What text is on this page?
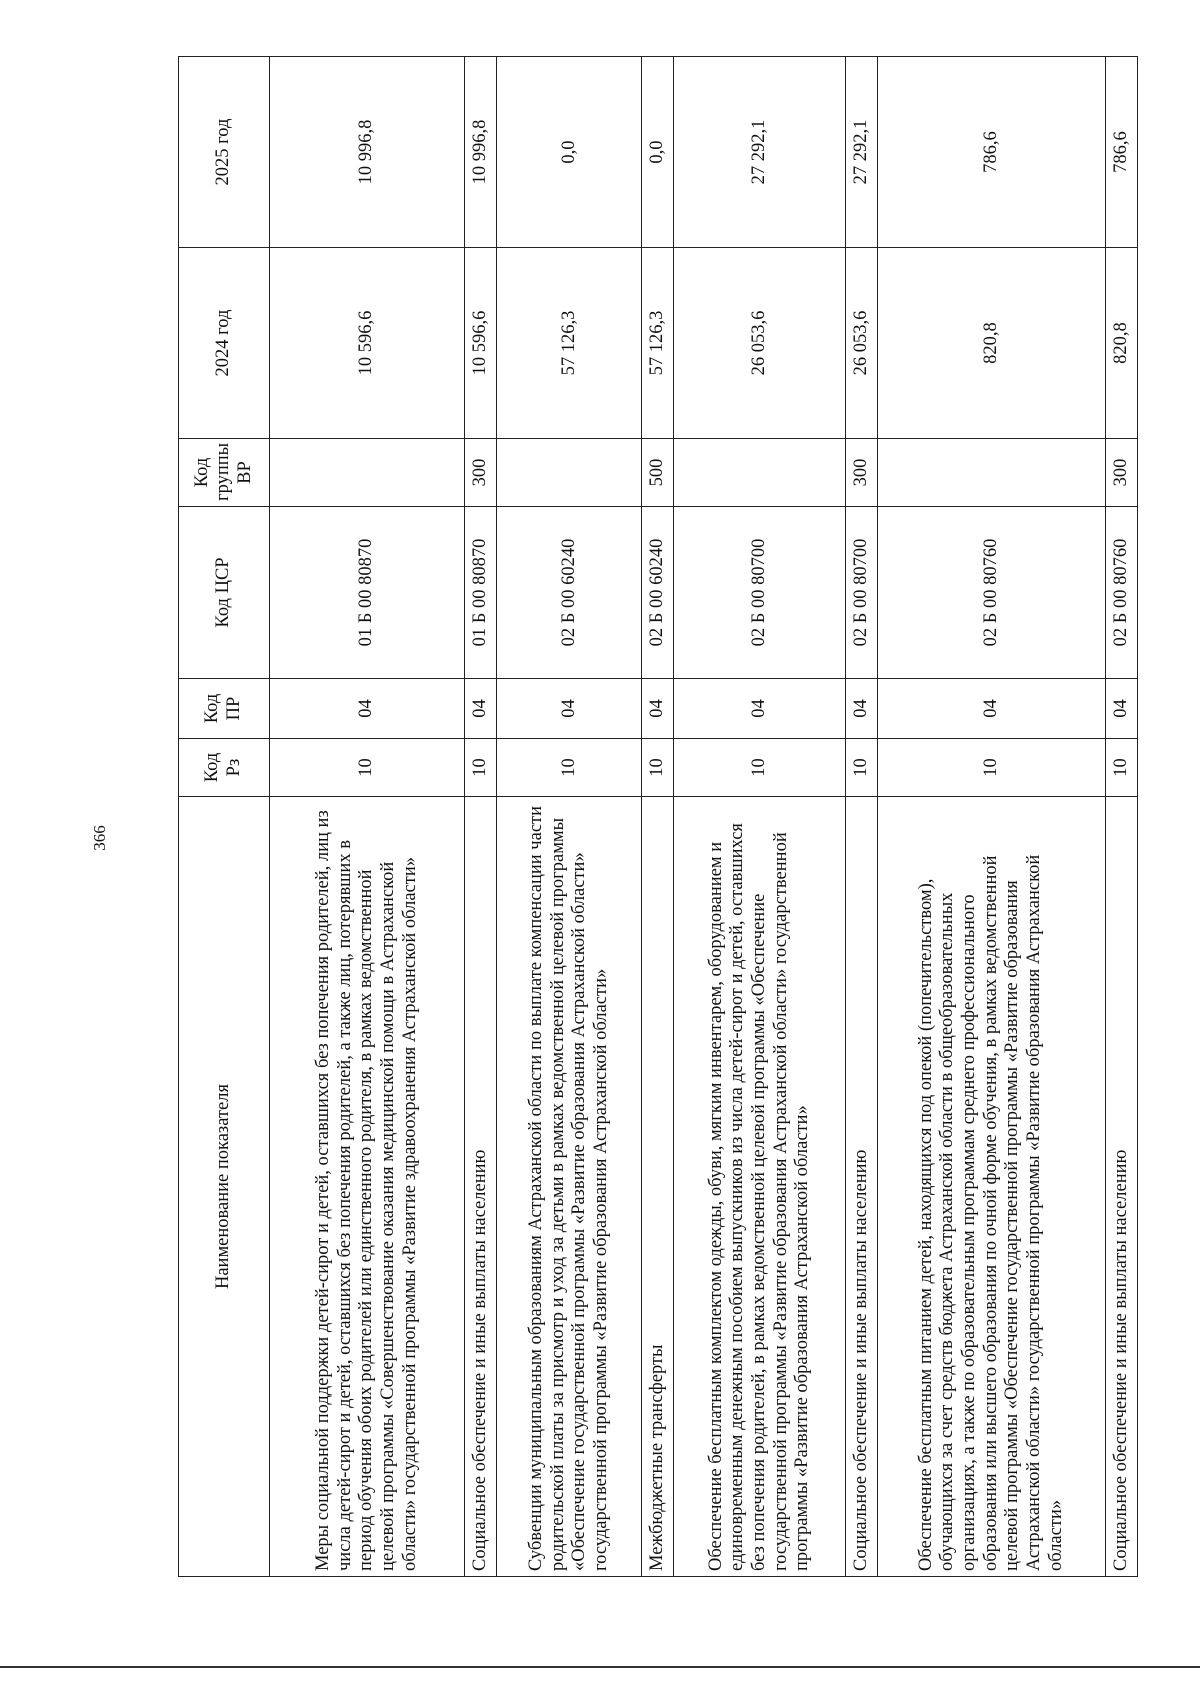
366
Наименование показателя	Код Рз	Код ПР	Код ЦСР	Код группы ВР	2024 год	2025 год
Меры социальной поддержки детей-сирот и детей, оставшихся без попечения родителей, лиц из числа детей-сирот и детей, оставшихся без попечения родителей, а также лиц, потерявших в период обучения обоих родителей или единственного родителя, в рамках ведомственной целевой программы «Совершенствование оказания медицинской помощи в Астраханской области» государственной программы «Развитие здравоохранения Астраханской области»	10	04	01 Б 00 80870		10 596,6	10 996,8
Социальное обеспечение и иные выплаты населению	10	04	01 Б 00 80870	300	10 596,6	10 996,8
Субвенции муниципальным образованиям Астраханской области по выплате компенсации части родительской платы за присмотр и уход за детьми в рамках ведомственной целевой программы «Обеспечение государственной программы «Развитие образования Астраханской области» государственной программы «Развитие образования Астраханской области»	10	04	02 Б 00 60240		57 126,3	0,0
Межбюджетные трансферты	10	04	02 Б 00 60240	500	57 126,3	0,0
Обеспечение бесплатным комплектом одежды, обуви, мягким инвентарем, оборудованием и единовременным денежным пособием выпускников из числа детей-сирот и детей, оставшихся без попечения родителей, в рамках ведомственной целевой программы «Обеспечение государственной программы «Развитие образования Астраханской области» государственной программы «Развитие образования Астраханской области»	10	04	02 Б 00 80700		26 053,6	27 292,1
Социальное обеспечение и иные выплаты населению	10	04	02 Б 00 80700	300	26 053,6	27 292,1
Обеспечение бесплатным питанием детей, находящихся под опекой (попечительством), обучающихся за счет средств бюджета Астраханской области в общеобразовательных организациях, а также по образовательным программам среднего профессионального образования или высшего образования по очной форме обучения, в рамках ведомственной целевой программы «Обеспечение государственной программы «Развитие образования Астраханской области» государственной программы «Развитие образования Астраханской области»	10	04	02 Б 00 80760		820,8	786,6
Социальное обеспечение и иные выплаты населению	10	04	02 Б 00 80760	300	820,8	786,6
